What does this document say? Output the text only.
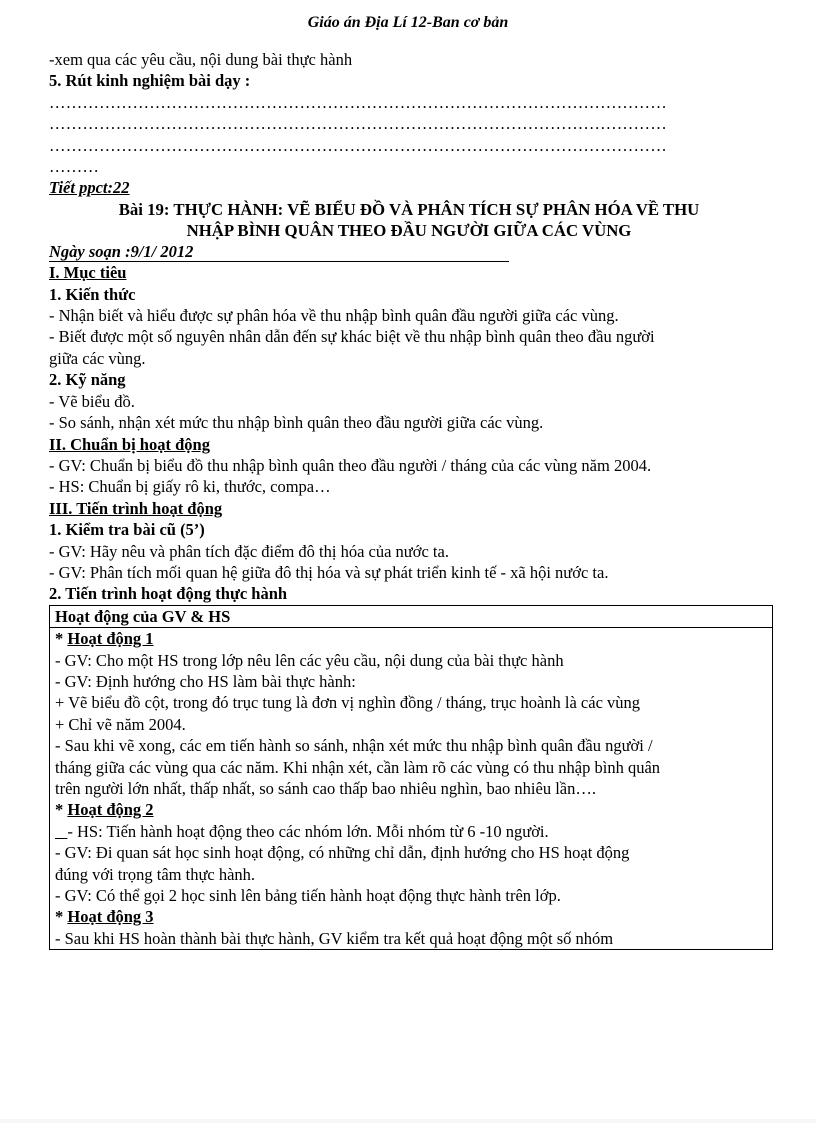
Giáo án Địa Lí 12-Ban cơ bản
-xem qua các yêu cầu, nội dung bài thực hành
5. Rút kinh nghiệm bài dạy :
…………………………………………………………………………………………………
…………………………………………………………………………………………………
…………………………………………………………………………………………………
………
Tiết ppct:22
Bài 19: THỰC HÀNH: VẼ BIỂU ĐỒ VÀ PHÂN TÍCH SỰ PHÂN HÓA VỀ THU
NHẬP BÌNH QUÂN THEO ĐẦU NGƯỜI GIỮA CÁC VÙNG
Ngày soạn :9/1/ 2012
I. Mục tiêu
1. Kiến thức
- Nhận biết và hiểu được sự phân hóa về thu nhập bình quân đầu người giữa các vùng.
- Biết được một số nguyên nhân dẫn đến sự khác biệt về thu nhập bình quân theo đầu người
giữa các vùng.
2. Kỹ năng
- Vẽ biểu đồ.
- So sánh, nhận xét mức thu nhập bình quân theo đầu người giữa các vùng.
II. Chuẩn bị hoạt động
- GV: Chuẩn bị biểu đồ thu nhập bình quân theo đầu người / tháng của các vùng năm 2004.
- HS: Chuẩn bị giấy rô ki, thước, compa…
III. Tiến trình hoạt động
1. Kiểm tra bài cũ (5’)
- GV: Hãy nêu và phân tích đặc điểm đô thị hóa của nước ta.
- GV: Phân tích mối quan hệ giữa đô thị hóa và sự phát triển kinh tế - xã hội nước ta.
2. Tiến trình hoạt động thực hành
Hoạt động của GV & HS

* Hoạt động 1
- GV: Cho một HS trong lớp nêu lên các yêu cầu, nội dung của bài thực hành
- GV: Định hướng cho HS làm bài thực hành:
+ Vẽ biểu đồ cột, trong đó trục tung là đơn vị nghìn đồng / tháng, trục hoành là các vùng
+ Chỉ vẽ năm 2004.
- Sau khi vẽ xong, các em tiến hành so sánh, nhận xét mức thu nhập bình quân đầu người /
tháng giữa các vùng qua các năm. Khi nhận xét, cần làm rõ các vùng có thu nhập bình quân
trên người lớn nhất, thấp nhất, so sánh cao thấp bao nhiêu nghìn, bao nhiêu lần….
* Hoạt động 2
- HS: Tiến hành hoạt động theo các nhóm lớn. Mỗi nhóm từ 6 -10 người.
- GV: Đi quan sát học sinh hoạt động, có những chỉ dẫn, định hướng cho HS hoạt động
đúng với trọng tâm thực hành.
- GV: Có thể gọi 2 học sinh lên bảng tiến hành hoạt động thực hành trên lớp.
* Hoạt động 3
- Sau khi HS hoàn thành bài thực hành, GV kiểm tra kết quả hoạt động một số nhóm
